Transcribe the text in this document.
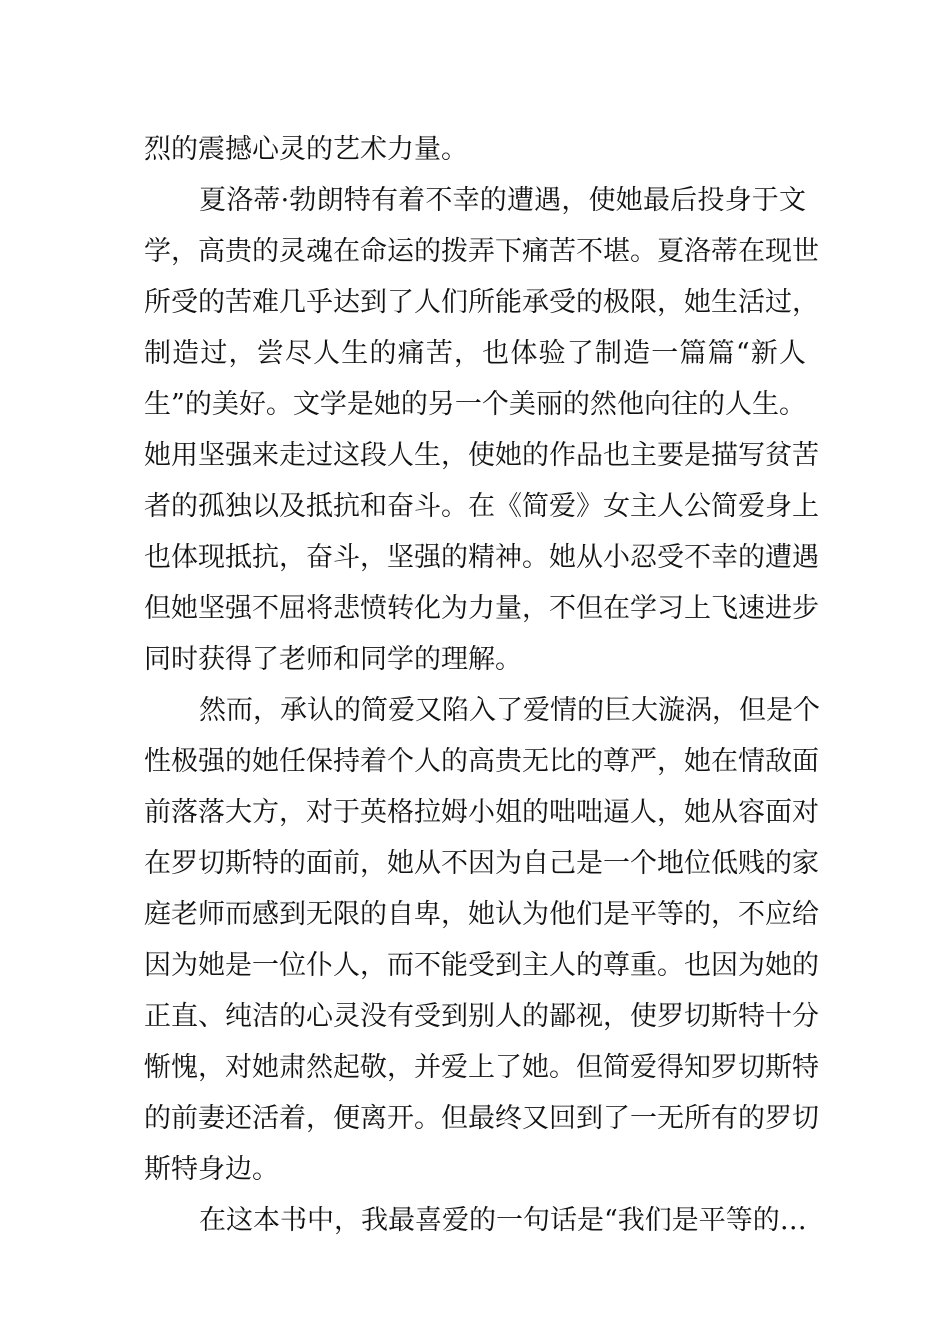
烈的震撼心灵的艺术力量。
夏洛蒂·勃朗特有着不幸的遭遇，使她最后投身于文
学，高贵的灵魂在命运的拨弄下痛苦不堪。夏洛蒂在现世
所受的苦难几乎达到了人们所能承受的极限，她生活过，
制造过，尝尽人生的痛苦，也体验了制造一篇篇“新人
生”的美好。文学是她的另一个美丽的然他向往的人生。
她用坚强来走过这段人生，使她的作品也主要是描写贫苦
者的孤独以及抵抗和奋斗。在《简爱》女主人公简爱身上
也体现抵抗，奋斗，坚强的精神。她从小忍受不幸的遭遇
但她坚强不屈将悲愤转化为力量，不但在学习上飞速进步
同时获得了老师和同学的理解。
然而，承认的简爱又陷入了爱情的巨大漩涡，但是个
性极强的她任保持着个人的高贵无比的尊严，她在情敌面
前落落大方，对于英格拉姆小姐的咄咄逼人，她从容面对
在罗切斯特的面前，她从不因为自己是一个地位低贱的家
庭老师而感到无限的自卑，她认为他们是平等的，不应给
因为她是一位仆人，而不能受到主人的尊重。也因为她的
正直、纯洁的心灵没有受到别人的鄙视，使罗切斯特十分
惭愧，对她肃然起敬，并爱上了她。但简爱得知罗切斯特
的前妻还活着，便离开。但最终又回到了一无所有的罗切
斯特身边。
在这本书中，我最喜爱的一句话是“我们是平等的…
